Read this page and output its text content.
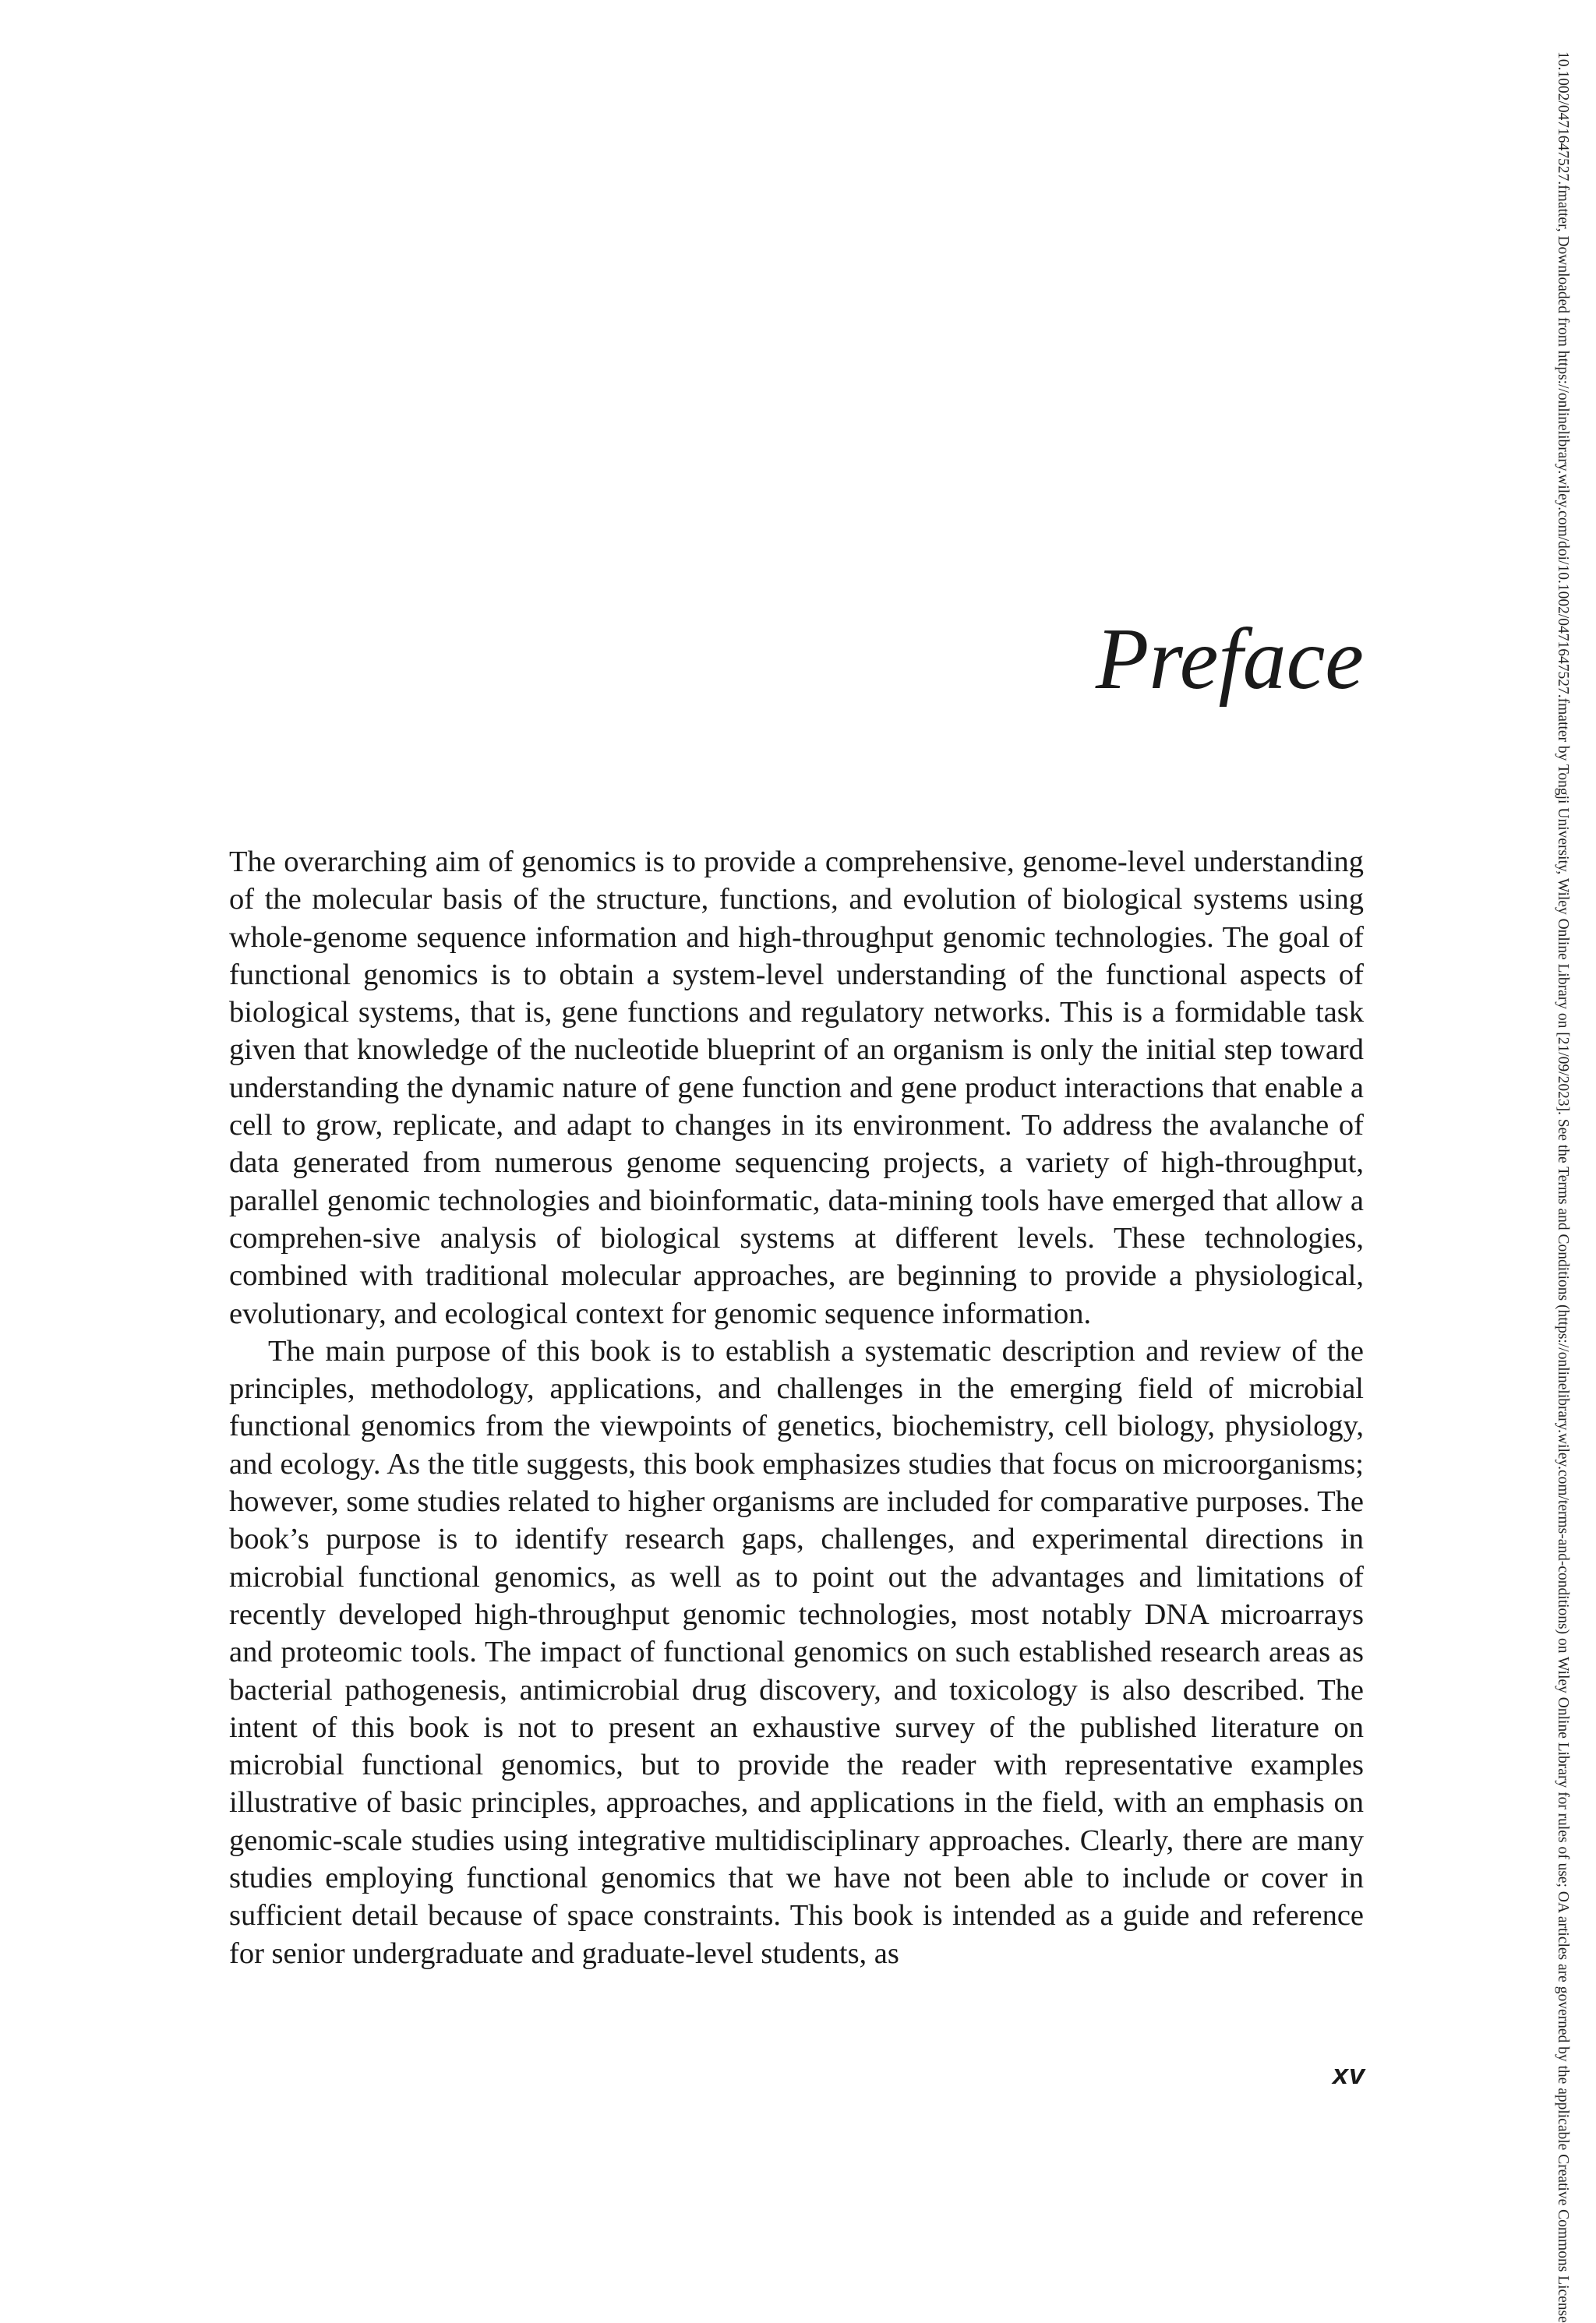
Preface

The overarching aim of genomics is to provide a comprehensive, genome-level understanding of the molecular basis of the structure, functions, and evolution of biological systems using whole-genome sequence information and high-throughput genomic technologies. The goal of functional genomics is to obtain a system-level understanding of the functional aspects of biological systems, that is, gene functions and regulatory networks. This is a formidable task given that knowledge of the nucleotide blueprint of an organism is only the initial step toward understanding the dynamic nature of gene function and gene product interactions that enable a cell to grow, replicate, and adapt to changes in its environment. To address the avalanche of data generated from numerous genome sequencing projects, a variety of high-throughput, parallel genomic technologies and bioinformatic, data-mining tools have emerged that allow a comprehen-sive analysis of biological systems at different levels. These technologies, combined with traditional molecular approaches, are beginning to provide a physiological, evolutionary, and ecological context for genomic sequence information.

The main purpose of this book is to establish a systematic description and review of the principles, methodology, applications, and challenges in the emerging field of microbial functional genomics from the viewpoints of genetics, biochemistry, cell biology, physiology, and ecology. As the title suggests, this book emphasizes studies that focus on microorganisms; however, some studies related to higher organisms are included for comparative purposes. The book’s purpose is to identify research gaps, challenges, and experimental directions in microbial functional genomics, as well as to point out the advantages and limitations of recently developed high-throughput genomic technologies, most notably DNA microarrays and proteomic tools. The impact of functional genomics on such established research areas as bacterial pathogenesis, antimicrobial drug discovery, and toxicology is also described. The intent of this book is not to present an exhaustive survey of the published literature on microbial functional genomics, but to provide the reader with representative examples illustrative of basic principles, approaches, and applications in the field, with an emphasis on genomic-scale studies using integrative multidisciplinary approaches. Clearly, there are many studies employing functional genomics that we have not been able to include or cover in sufficient detail because of space constraints. This book is intended as a guide and reference for senior undergraduate and graduate-level students, as

xv	10.1002/0471647527.fmatter, Downloaded from https://onlinelibrary.wiley.com/doi/10.1002/0471647527.fmatter by Tongji University, Wiley Online Library on [21/09/2023]. See the Terms and Conditions (https://onlinelibrary.wiley.com/terms-and-conditions) on Wiley Online Library for rules of use; OA articles are governed by the applicable Creative Commons License
